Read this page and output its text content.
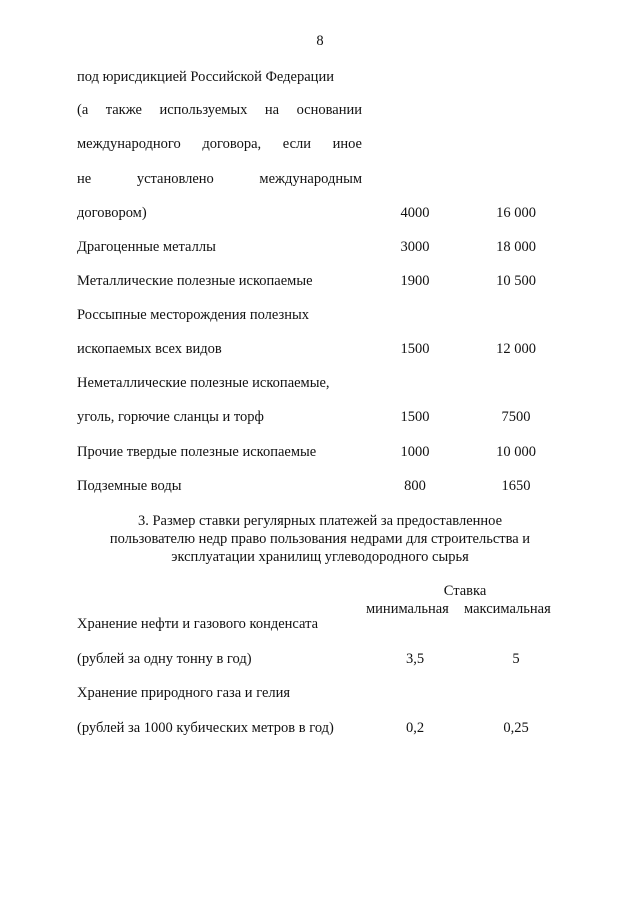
8
под юрисдикцией Российской Федерации
(а также используемых на основании
международного договора, если иное
не	установлено	международным
договором)	4000	16 000
Драгоценные металлы	3000	18 000
Металлические полезные ископаемые	1900	10 500
Россыпные месторождения полезных
ископаемых всех видов	1500	12 000
Неметаллические полезные ископаемые,
уголь, горючие сланцы и торф	1500	7500
Прочие твердые полезные ископаемые	1000	10 000
Подземные воды	800	1650
3. Размер ставки регулярных платежей за предоставленное
пользователю недр право пользования недрами для строительства и
эксплуатации хранилищ углеводородного сырья
Ставка
минимальная максимальная
Хранение нефти и газового конденсата
(рублей за одну тонну в год)	3,5	5
Хранение природного газа и гелия
(рублей за 1000 кубических метров в год)	0,2	0,25
